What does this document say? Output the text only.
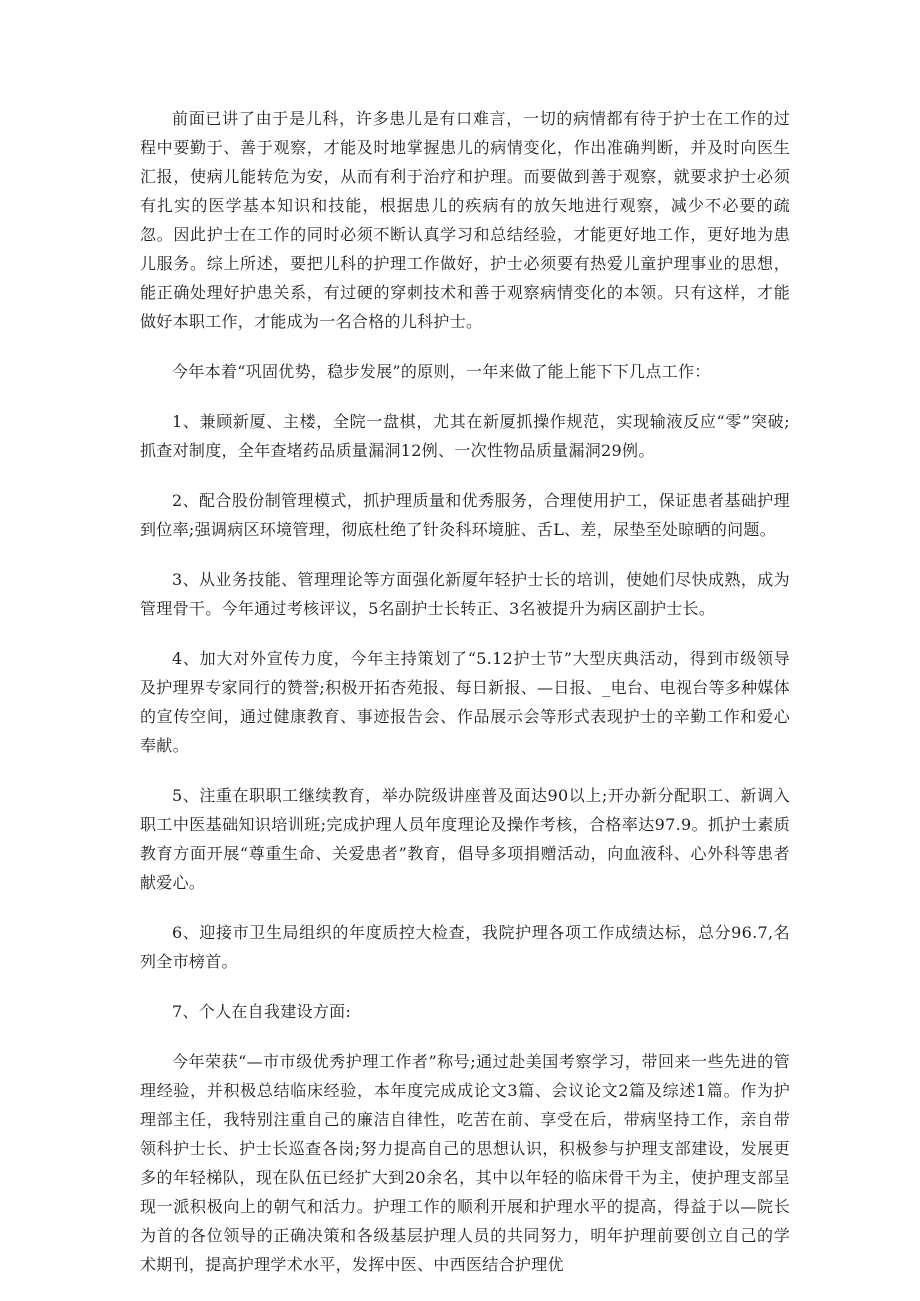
前面已讲了由于是儿科，许多患儿是有口难言，一切的病情都有待于护士在工作的过程中要勤于、善于观察，才能及时地掌握患儿的病情变化，作出准确判断，并及时向医生汇报，使病儿能转危为安，从而有利于治疗和护理。而要做到善于观察，就要求护士必须有扎实的医学基本知识和技能，根据患儿的疾病有的放矢地进行观察，减少不必要的疏忽。因此护士在工作的同时必须不断认真学习和总结经验，才能更好地工作，更好地为患儿服务。综上所述，要把儿科的护理工作做好，护士必须要有热爱儿童护理事业的思想，能正确处理好护患关系，有过硬的穿刺技术和善于观察病情变化的本领。只有这样，才能做好本职工作，才能成为一名合格的儿科护士。

今年本着“巩固优势，稳步发展”的原则，一年来做了能上能下下几点工作：

1、兼顾新厦、主楼，全院一盘棋，尤其在新厦抓操作规范，实现输液反应“零”突破;抓查对制度，全年查堵药品质量漏洞12例、一次性物品质量漏洞29例。

2、配合股份制管理模式，抓护理质量和优秀服务，合理使用护工，保证患者基础护理到位率;强调病区环境管理，彻底杜绝了针灸科环境脏、舌L、差，尿垫至处晾晒的问题。

3、从业务技能、管理理论等方面强化新厦年轻护士长的培训，使她们尽快成熟，成为管理骨干。今年通过考核评议，5名副护士长转正、3名被提升为病区副护士长。

4、加大对外宣传力度，今年主持策划了“5.12护士节”大型庆典活动，得到市级领导及护理界专家同行的赞誉;积极开拓杏苑报、每日新报、—日报、_电台、电视台等多种媒体的宣传空间，通过健康教育、事迹报告会、作品展示会等形式表现护士的辛勤工作和爱心奉献。

5、注重在职职工继续教育，举办院级讲座普及面达90以上;开办新分配职工、新调入职工中医基础知识培训班;完成护理人员年度理论及操作考核，合格率达97.9。抓护士素质教育方面开展“尊重生命、关爱患者”教育，倡导多项捐赠活动，向血液科、心外科等患者献爱心。

6、迎接市卫生局组织的年度质控大检查，我院护理各项工作成绩达标，总分96.7,名列全市榜首。

7、个人在自我建设方面:

今年荣获“—市市级优秀护理工作者”称号;通过赴美国考察学习，带回来一些先进的管理经验，并积极总结临床经验，本年度完成成论文3篇、会议论文2篇及综述1篇。作为护理部主任，我特别注重自己的廉洁自律性，吃苦在前、享受在后，带病坚持工作，亲自带领科护士长、护士长巡查各岗;努力提高自己的思想认识，积极参与护理支部建设，发展更多的年轻梯队，现在队伍已经扩大到20余名，其中以年轻的临床骨干为主，使护理支部呈现一派积极向上的朝气和活力。护理工作的顺利开展和护理水平的提高，得益于以—院长为首的各位领导的正确决策和各级基层护理人员的共同努力，明年护理前要创立自己的学术期刊，提高护理学术水平，发挥中医、中西医结合护理优
